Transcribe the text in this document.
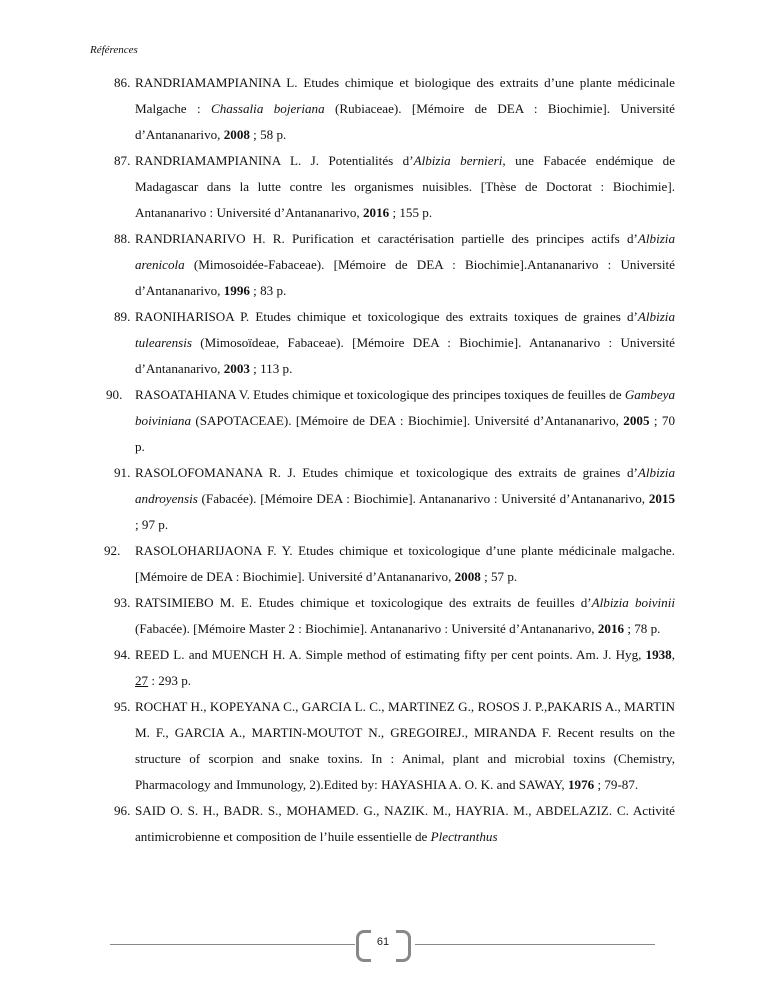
Références
86. RANDRIAMAMPIANINA L. Etudes chimique et biologique des extraits d’une plante médicinale Malgache : Chassalia bojeriana (Rubiaceae). [Mémoire de DEA : Biochimie]. Université d’Antananarivo, 2008 ; 58 p.
87. RANDRIAMAMPIANINA L. J. Potentialités d’Albizia bernieri, une Fabacée endémique de Madagascar dans la lutte contre les organismes nuisibles. [Thèse de Doctorat : Biochimie]. Antananarivo : Université d’Antananarivo, 2016 ; 155 p.
88. RANDRIANARIVO H. R. Purification et caractérisation partielle des principes actifs d’Albizia arenicola (Mimosoidée-Fabaceae). [Mémoire de DEA : Biochimie].Antananarivo : Université d’Antananarivo, 1996 ; 83 p.
89. RAONIHARISOA P. Etudes chimique et toxicologique des extraits toxiques de graines d’Albizia tulearensis (Mimosoïdeae, Fabaceae). [Mémoire DEA : Biochimie]. Antananarivo : Université d’Antananarivo, 2003 ; 113 p.
90. RASOATAHIANA V. Etudes chimique et toxicologique des principes toxiques de feuilles de Gambeya boiviniana (SAPOTACEAE). [Mémoire de DEA : Biochimie]. Université d’Antananarivo, 2005 ; 70 p.
91. RASOLOFOMANANA R. J. Etudes chimique et toxicologique des extraits de graines d’Albizia androyensis (Fabacée). [Mémoire DEA : Biochimie]. Antananarivo : Université d’Antananarivo, 2015 ; 97 p.
92. RASOLOHARIJAONA F. Y. Etudes chimique et toxicologique d’une plante médicinale malgache. [Mémoire de DEA : Biochimie]. Université d’Antananarivo, 2008 ; 57 p.
93. RATSIMIEBO M. E. Etudes chimique et toxicologique des extraits de feuilles d’Albizia boivinii (Fabacée). [Mémoire Master 2 : Biochimie]. Antananarivo : Université d’Antananarivo, 2016 ; 78 p.
94. REED L. and MUENCH H. A. Simple method of estimating fifty per cent points. Am. J. Hyg, 1938, 27 : 293 p.
95. ROCHAT H., KOPEYANA C., GARCIA L. C., MARTINEZ G., ROSOS J. P.,PAKARIS A., MARTIN M. F., GARCIA A., MARTIN-MOUTOT N., GREGOIREJ., MIRANDA F. Recent results on the structure of scorpion and snake toxins. In : Animal, plant and microbial toxins (Chemistry, Pharmacology and Immunology, 2).Edited by: HAYASHIA A. O. K. and SAWAY, 1976 ; 79-87.
96. SAID O. S. H., BADR. S., MOHAMED. G., NAZIK. M., HAYRIA. M., ABDELAZIZ. C. Activité antimicrobienne et composition de l’huile essentielle de Plectranthus
61
